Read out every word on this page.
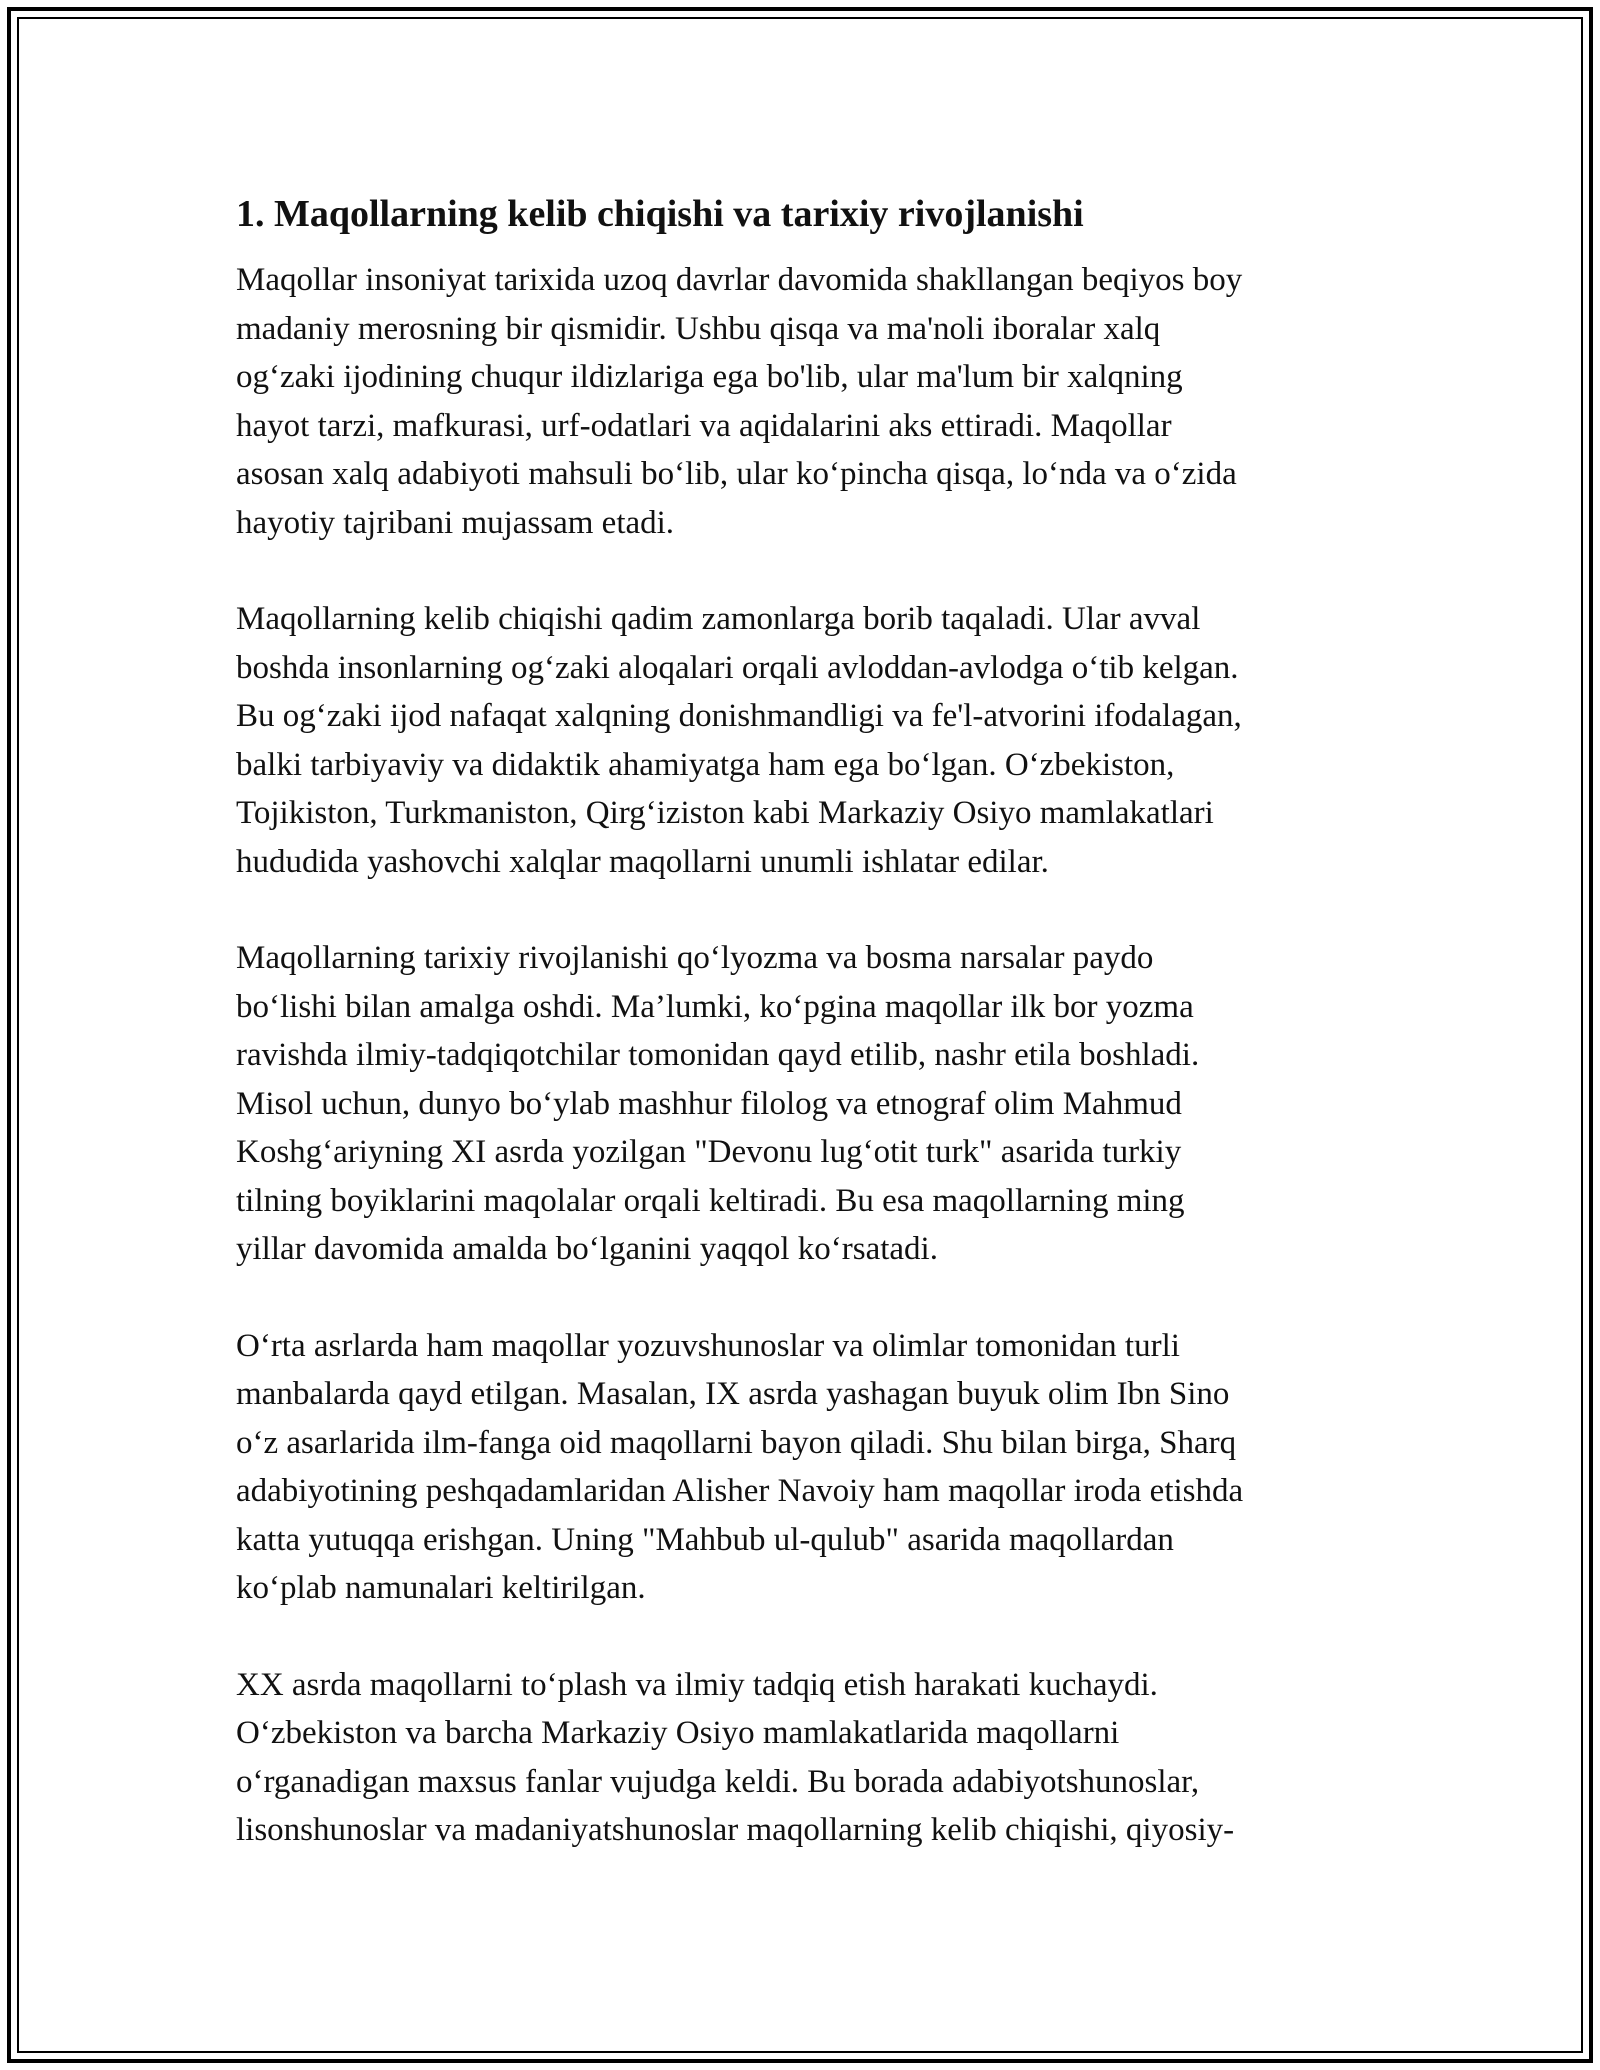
1. Maqollarning kelib chiqishi va tarixiy rivojlanishi

Maqollar insoniyat tarixida uzoq davrlar davomida shakllangan beqiyos boy
madaniy merosning bir qismidir. Ushbu qisqa va ma'noli iboralar xalq
og‘zaki ijodining chuqur ildizlariga ega bo'lib, ular ma'lum bir xalqning
hayot tarzi, mafkurasi, urf-odatlari va aqidalarini aks ettiradi. Maqollar
asosan xalq adabiyoti mahsuli bo‘lib, ular ko‘pincha qisqa, lo‘nda va o‘zida
hayotiy tajribani mujassam etadi.

Maqollarning kelib chiqishi qadim zamonlarga borib taqaladi. Ular avval
boshda insonlarning og‘zaki aloqalari orqali avloddan-avlodga o‘tib kelgan.
Bu og‘zaki ijod nafaqat xalqning donishmandligi va fe'l-atvorini ifodalagan,
balki tarbiyaviy va didaktik ahamiyatga ham ega bo‘lgan. O‘zbekiston,
Tojikiston, Turkmaniston, Qirg‘iziston kabi Markaziy Osiyo mamlakatlari
hududida yashovchi xalqlar maqollarni unumli ishlatar edilar.

Maqollarning tarixiy rivojlanishi qo‘lyozma va bosma narsalar paydo
bo‘lishi bilan amalga oshdi. Ma’lumki, ko‘pgina maqollar ilk bor yozma
ravishda ilmiy-tadqiqotchilar tomonidan qayd etilib, nashr etila boshladi.
Misol uchun, dunyo bo‘ylab mashhur filolog va etnograf olim Mahmud
Koshg‘ariyning XI asrda yozilgan "Devonu lug‘otit turk" asarida turkiy
tilning boyiklarini maqolalar orqali keltiradi. Bu esa maqollarning ming
yillar davomida amalda bo‘lganini yaqqol ko‘rsatadi.

O‘rta asrlarda ham maqollar yozuvshunoslar va olimlar tomonidan turli
manbalarda qayd etilgan. Masalan, IX asrda yashagan buyuk olim Ibn Sino
o‘z asarlarida ilm-fanga oid maqollarni bayon qiladi. Shu bilan birga, Sharq
adabiyotining peshqadamlaridan Alisher Navoiy ham maqollar iroda etishda
katta yutuqqa erishgan. Uning "Mahbub ul-qulub" asarida maqollardan
ko‘plab namunalari keltirilgan.

XX asrda maqollarni to‘plash va ilmiy tadqiq etish harakati kuchaydi.
O‘zbekiston va barcha Markaziy Osiyo mamlakatlarida maqollarni
o‘rganadigan maxsus fanlar vujudga keldi. Bu borada adabiyotshunoslar,
lisonshunoslar va madaniyatshunoslar maqollarning kelib chiqishi, qiyosiy-
